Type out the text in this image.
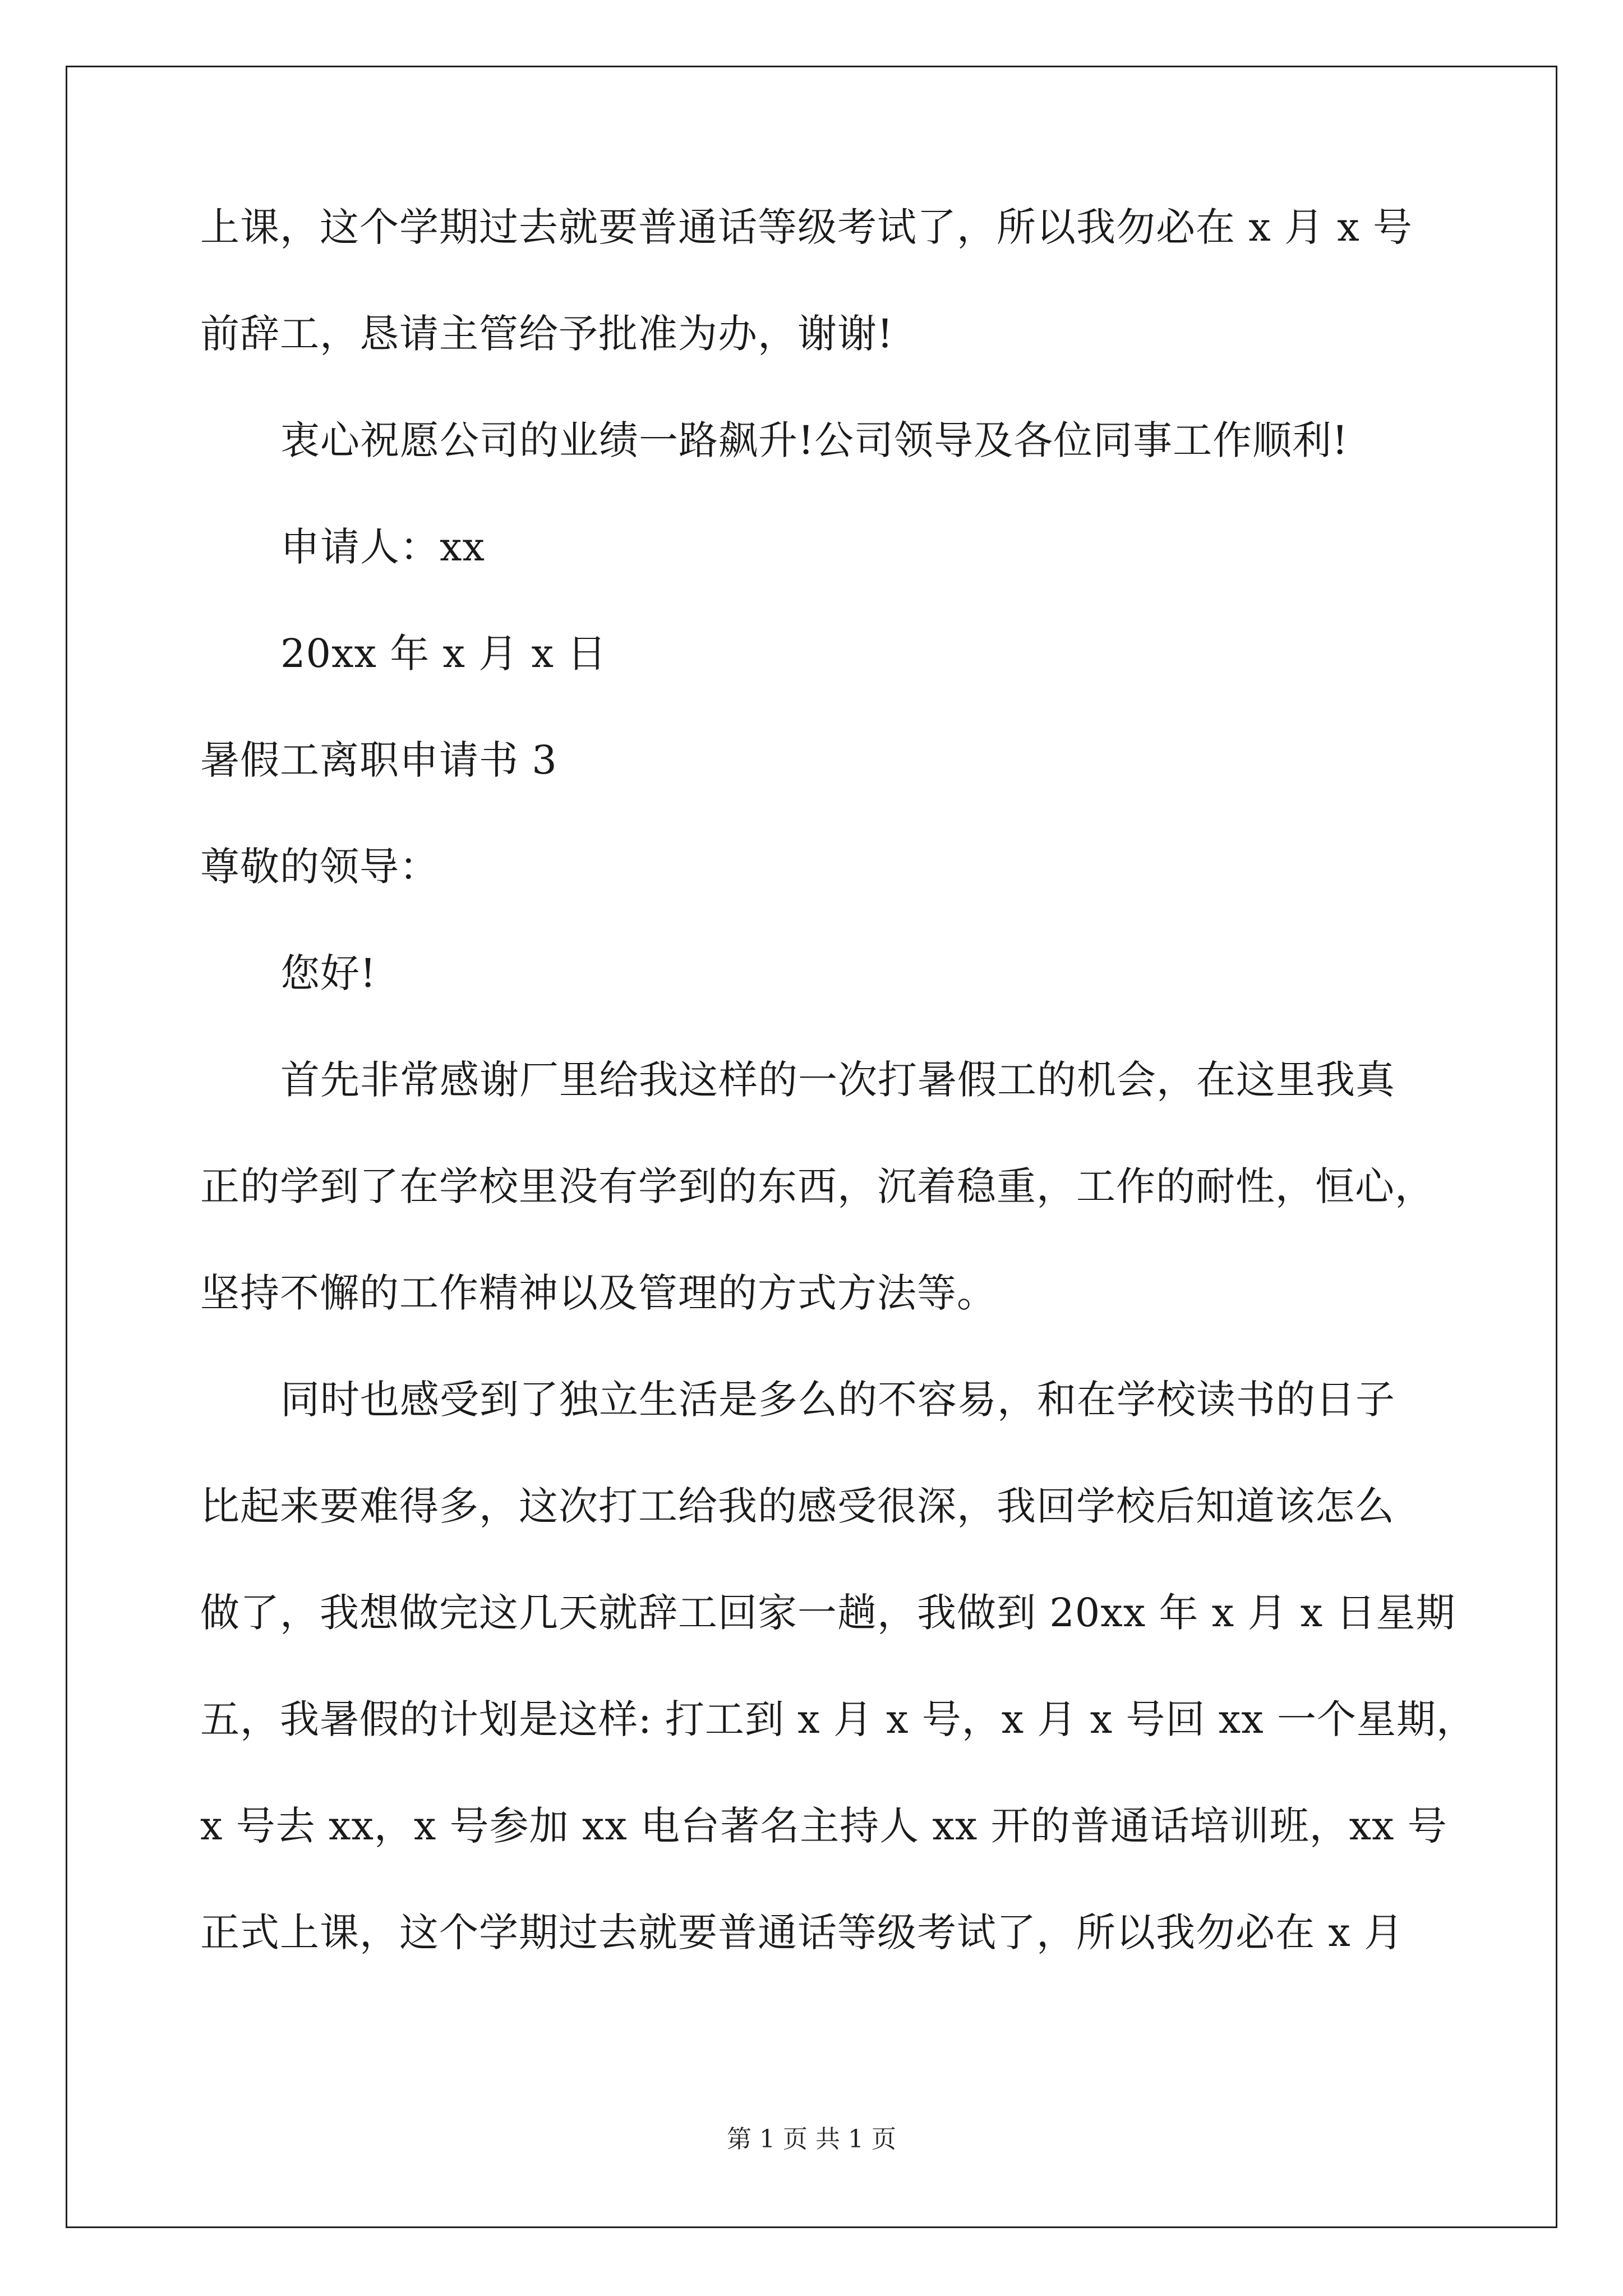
上课，这个学期过去就要普通话等级考试了，所以我勿必在 x 月 x 号
前辞工，恳请主管给予批准为办，谢谢!
衷心祝愿公司的业绩一路飙升!公司领导及各位同事工作顺利!
申请人：xx
20xx 年 x 月 x 日
暑假工离职申请书 3
尊敬的领导：
您好!
首先非常感谢厂里给我这样的一次打暑假工的机会，在这里我真
正的学到了在学校里没有学到的东西，沉着稳重，工作的耐性，恒心，
坚持不懈的工作精神以及管理的方式方法等。
同时也感受到了独立生活是多么的不容易，和在学校读书的日子
比起来要难得多，这次打工给我的感受很深，我回学校后知道该怎么
做了，我想做完这几天就辞工回家一趟，我做到 20xx 年 x 月 x 日星期
五，我暑假的计划是这样: 打工到 x 月 x 号，x 月 x 号回 xx 一个星期，
x 号去 xx，x 号参加 xx 电台著名主持人 xx 开的普通话培训班，xx 号
正式上课，这个学期过去就要普通话等级考试了，所以我勿必在 x 月
第 1 页 共 1 页
